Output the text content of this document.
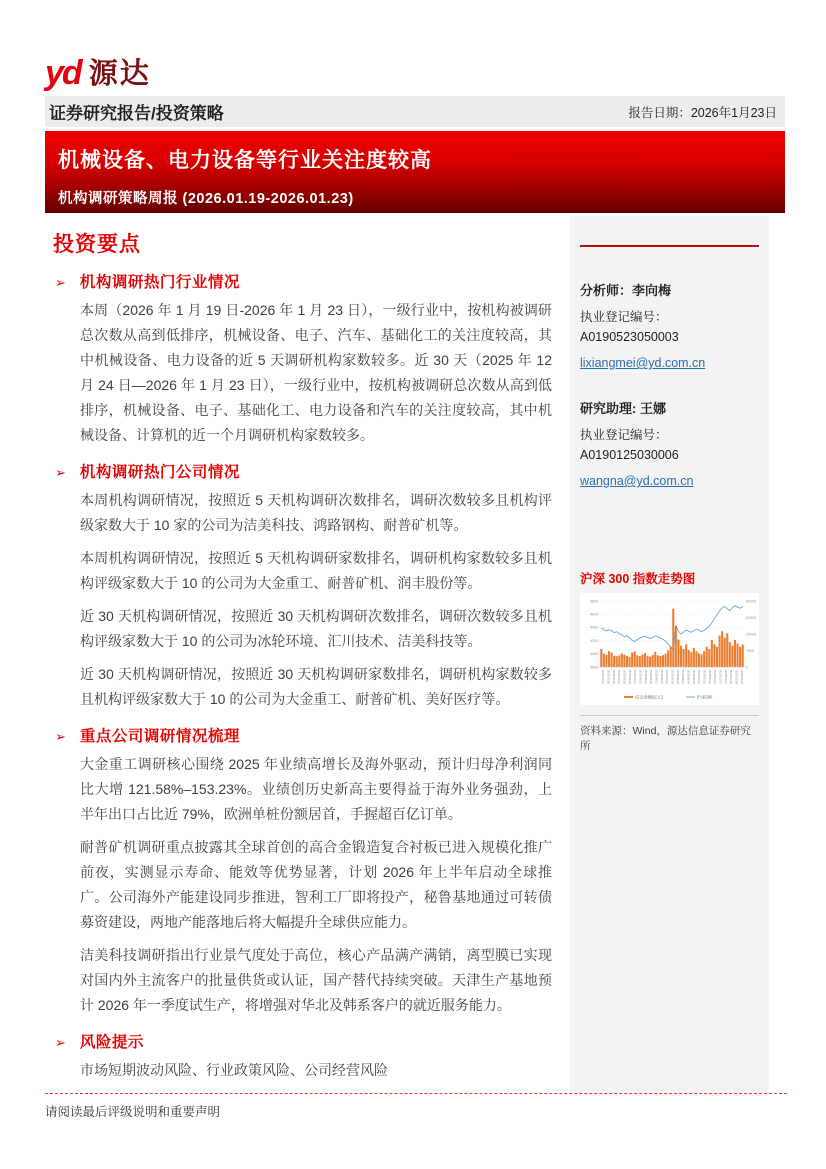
yd 源达
证券研究报告/投资策略	报告日期：2026年1月23日
机械设备、电力设备等行业关注度较高
机构调研策略周报 (2026.01.19-2026.01.23)
投资要点
➢ 机构调研热门行业情况

本周（2026 年 1 月 19 日-2026 年 1 月 23 日），一级行业中，按机构被调研总次数从高到低排序，机械设备、电子、汽车、基础化工的关注度较高，其中机械设备、电力设备的近 5 天调研机构家数较多。近 30 天（2025 年 12 月 24 日—2026 年 1 月 23 日），一级行业中，按机构被调研总次数从高到低排序，机械设备、电子、基础化工、电力设备和汽车的关注度较高，其中机械设备、计算机的近一个月调研机构家数较多。

➢ 机构调研热门公司情况

本周机构调研情况，按照近 5 天机构调研次数排名，调研次数较多且机构评级家数大于 10 家的公司为洁美科技、鸿路钢构、耐普矿机等。

本周机构调研情况，按照近 5 天机构调研家数排名，调研机构家数较多且机构评级家数大于 10 的公司为大金重工、耐普矿机、润丰股份等。

近 30 天机构调研情况，按照近 30 天机构调研次数排名，调研次数较多且机构评级家数大于 10 的公司为冰轮环境、汇川技术、洁美科技等。

近 30 天机构调研情况，按照近 30 天机构调研家数排名，调研机构家数较多且机构评级家数大于 10 的公司为大金重工、耐普矿机、美好医疗等。

➢ 重点公司调研情况梳理

大金重工调研核心围绕 2025 年业绩高增长及海外驱动，预计归母净利润同比大增 121.58%–153.23%。业绩创历史新高主要得益于海外业务强劲，上半年出口占比近 79%，欧洲单桩份额居首，手握超百亿订单。

耐普矿机调研重点披露其全球首创的高合金锻造复合衬板已进入规模化推广前夜，实测显示寿命、能效等优势显著，计划 2026 年上半年启动全球推广。公司海外产能建设同步推进，智利工厂即将投产，秘鲁基地通过可转债募资建设，两地产能落地后将大幅提升全球供应能力。

洁美科技调研指出行业景气度处于高位，核心产品满产满销，离型膜已实现对国内外主流客户的批量供货或认证，国产替代持续突破。天津生产基地预计 2026 年一季度试生产，将增强对华北及韩系客户的就近服务能力。

➢ 风险提示

市场短期波动风险、行业政策风险、公司经营风险

分析师：李向梅

执业登记编号：A0190523050003

lixiangmei@yd.com.cn

研究助理: 王娜

执业登记编号：A0190125030006

wangna@yd.com.cn

沪深 300 指数走势图
3800
4000
4200
4400
4600
4800
0
7500
15000
22500
30000
2025/01/23 2025/02/06 2025/02/20 2025/03/06 2025/03/20 2025/04/03 2025/04/17 2025/05/01 2025/05/15 2025/05/29 2025/06/12 2025/06/26 2025/07/10 2025/07/24 2025/08/07 2025/08/21 2025/09/04 2025/09/18 2025/10/02 2025/10/16 2025/10/30 2025/11/13 2025/11/27 2025/12/11 2025/12/25 2026/01/08 2026/01/22
成交金额(亿元)	沪深300

资料来源：Wind，源达信息证券研究所

请阅读最后评级说明和重要声明
